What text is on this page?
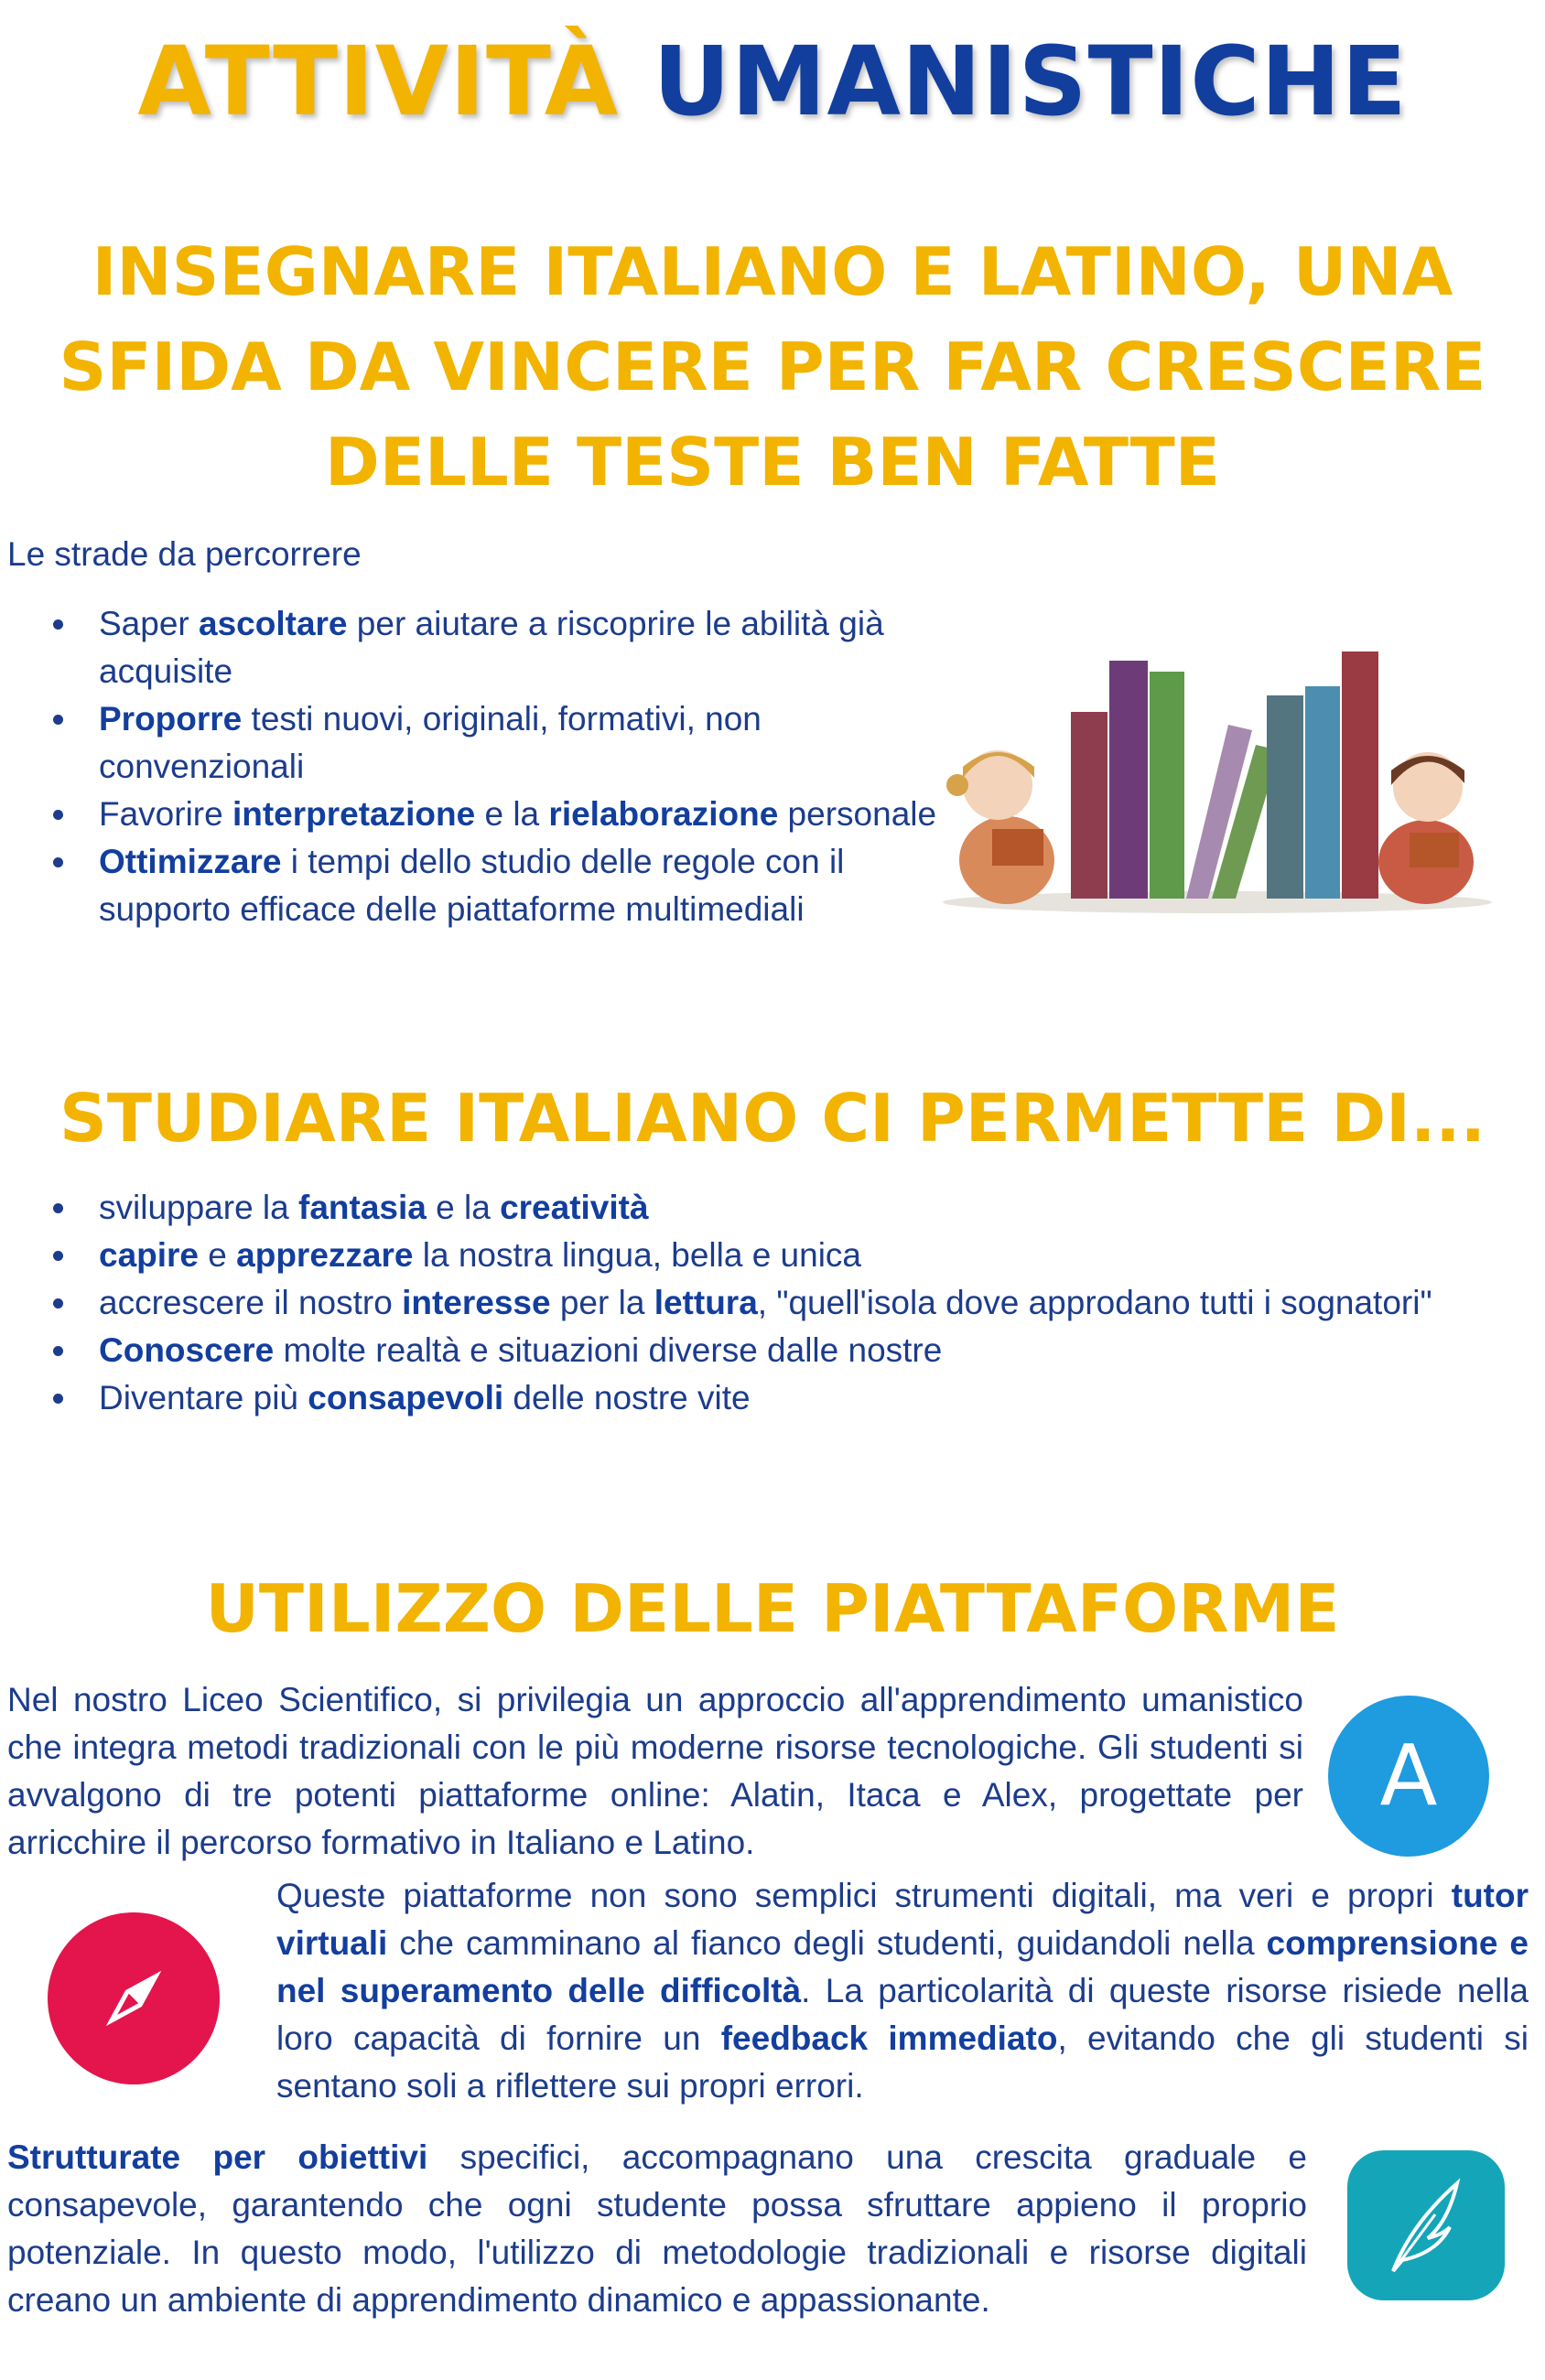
ATTIVITÀ UMANISTICHE
INSEGNARE ITALIANO E LATINO, UNA SFIDA DA VINCERE PER FAR CRESCERE DELLE TESTE BEN FATTE
Le strade da percorrere
Saper ascoltare per aiutare a riscoprire le abilità già acquisite
Proporre testi nuovi, originali, formativi, non convenzionali
Favorire interpretazione e la rielaborazione personale
Ottimizzare i tempi dello studio delle regole con il supporto efficace delle piattaforme multimediali
STUDIARE ITALIANO CI PERMETTE DI...
sviluppare la fantasia e la creatività
capire e apprezzare la nostra lingua, bella e unica
accrescere il nostro interesse per la lettura, "quell'isola dove approdano tutti i sognatori"
Conoscere molte realtà e situazioni diverse dalle nostre
Diventare più consapevoli delle nostre vite
UTILIZZO DELLE PIATTAFORME
Nel nostro Liceo Scientifico, si privilegia un approccio all'apprendimento umanistico che integra metodi tradizionali con le più moderne risorse tecnologiche. Gli studenti si avvalgono di tre potenti piattaforme online: Alatin, Itaca e Alex, progettate per arricchire il percorso formativo in Italiano e Latino.
A
Queste piattaforme non sono semplici strumenti digitali, ma veri e propri tutor virtuali che camminano al fianco degli studenti, guidandoli nella comprensione e nel superamento delle difficoltà. La particolarità di queste risorse risiede nella loro capacità di fornire un feedback immediato, evitando che gli studenti si sentano soli a riflettere sui propri errori.
Strutturate per obiettivi specifici, accompagnano una crescita graduale e consapevole, garantendo che ogni studente possa sfruttare appieno il proprio potenziale. In questo modo, l'utilizzo di metodologie tradizionali e risorse digitali creano un ambiente di apprendimento dinamico e appassionante.
